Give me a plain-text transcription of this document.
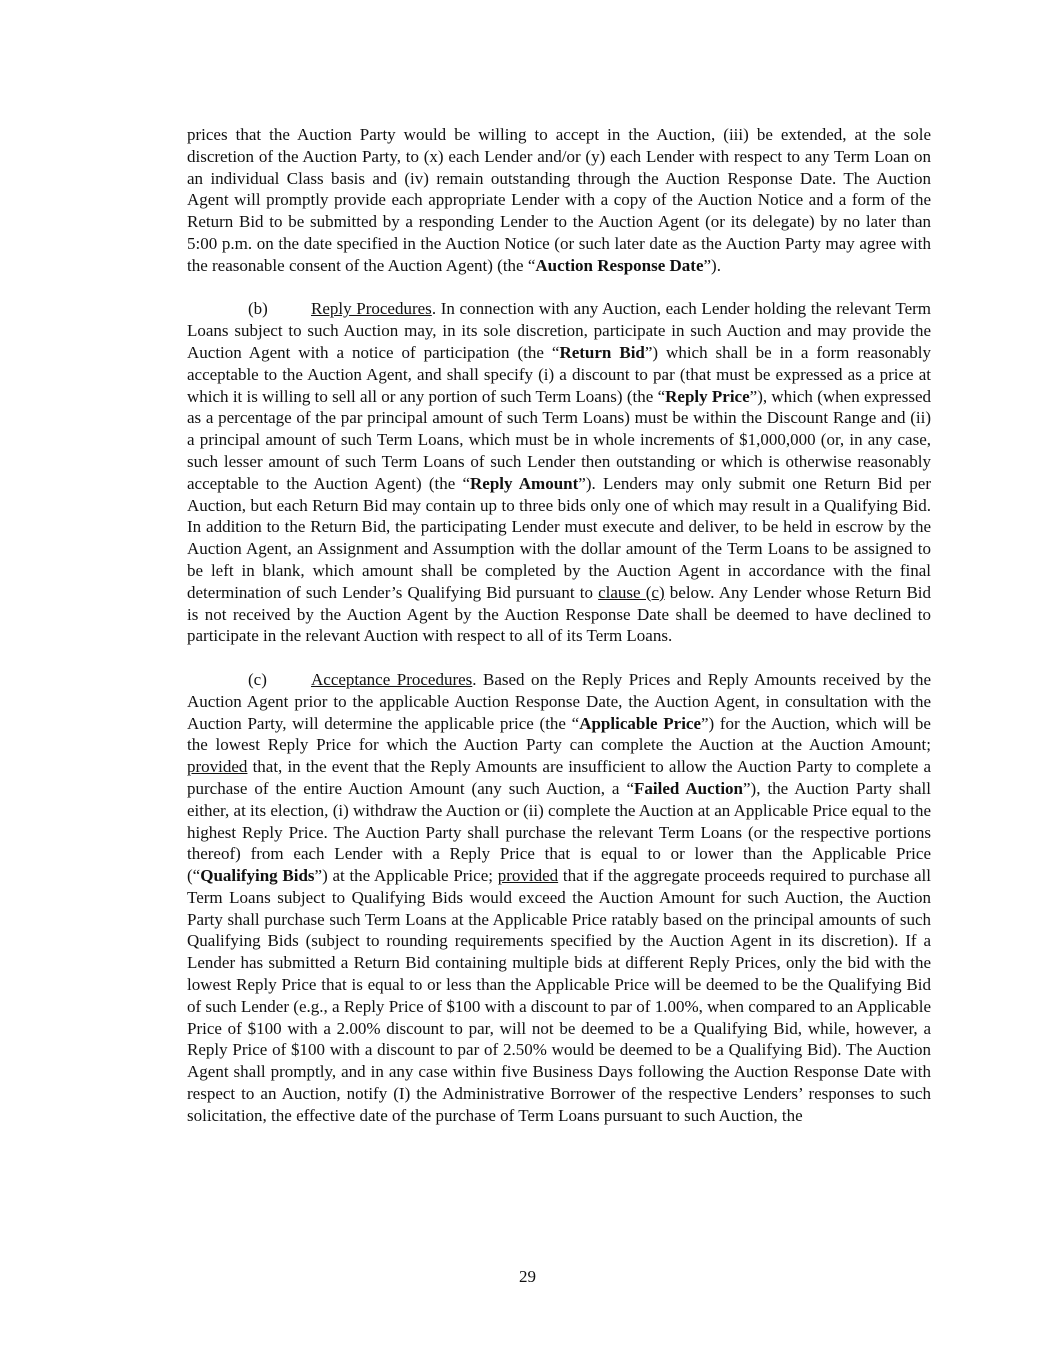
prices that the Auction Party would be willing to accept in the Auction, (iii) be extended, at the sole discretion of the Auction Party, to (x) each Lender and/or (y) each Lender with respect to any Term Loan on an individual Class basis and (iv) remain outstanding through the Auction Response Date. The Auction Agent will promptly provide each appropriate Lender with a copy of the Auction Notice and a form of the Return Bid to be submitted by a responding Lender to the Auction Agent (or its delegate) by no later than 5:00 p.m. on the date specified in the Auction Notice (or such later date as the Auction Party may agree with the reasonable consent of the Auction Agent) (the “Auction Response Date”).

(b)	Reply Procedures. In connection with any Auction, each Lender holding the relevant Term Loans subject to such Auction may, in its sole discretion, participate in such Auction and may provide the Auction Agent with a notice of participation (the “Return Bid”) which shall be in a form reasonably acceptable to the Auction Agent, and shall specify (i) a discount to par (that must be expressed as a price at which it is willing to sell all or any portion of such Term Loans) (the “Reply Price”), which (when expressed as a percentage of the par principal amount of such Term Loans) must be within the Discount Range and (ii) a principal amount of such Term Loans, which must be in whole increments of $1,000,000 (or, in any case, such lesser amount of such Term Loans of such Lender then outstanding or which is otherwise reasonably acceptable to the Auction Agent) (the “Reply Amount”). Lenders may only submit one Return Bid per Auction, but each Return Bid may contain up to three bids only one of which may result in a Qualifying Bid. In addition to the Return Bid, the participating Lender must execute and deliver, to be held in escrow by the Auction Agent, an Assignment and Assumption with the dollar amount of the Term Loans to be assigned to be left in blank, which amount shall be completed by the Auction Agent in accordance with the final determination of such Lender’s Qualifying Bid pursuant to clause (c) below. Any Lender whose Return Bid is not received by the Auction Agent by the Auction Response Date shall be deemed to have declined to participate in the relevant Auction with respect to all of its Term Loans.

(c)	Acceptance Procedures. Based on the Reply Prices and Reply Amounts received by the Auction Agent prior to the applicable Auction Response Date, the Auction Agent, in consultation with the Auction Party, will determine the applicable price (the “Applicable Price”) for the Auction, which will be the lowest Reply Price for which the Auction Party can complete the Auction at the Auction Amount; provided that, in the event that the Reply Amounts are insufficient to allow the Auction Party to complete a purchase of the entire Auction Amount (any such Auction, a “Failed Auction”), the Auction Party shall either, at its election, (i) withdraw the Auction or (ii) complete the Auction at an Applicable Price equal to the highest Reply Price. The Auction Party shall purchase the relevant Term Loans (or the respective portions thereof) from each Lender with a Reply Price that is equal to or lower than the Applicable Price (“Qualifying Bids”) at the Applicable Price; provided that if the aggregate proceeds required to purchase all Term Loans subject to Qualifying Bids would exceed the Auction Amount for such Auction, the Auction Party shall purchase such Term Loans at the Applicable Price ratably based on the principal amounts of such Qualifying Bids (subject to rounding requirements specified by the Auction Agent in its discretion). If a Lender has submitted a Return Bid containing multiple bids at different Reply Prices, only the bid with the lowest Reply Price that is equal to or less than the Applicable Price will be deemed to be the Qualifying Bid of such Lender (e.g., a Reply Price of $100 with a discount to par of 1.00%, when compared to an Applicable Price of $100 with a 2.00% discount to par, will not be deemed to be a Qualifying Bid, while, however, a Reply Price of $100 with a discount to par of 2.50% would be deemed to be a Qualifying Bid). The Auction Agent shall promptly, and in any case within five Business Days following the Auction Response Date with respect to an Auction, notify (I) the Administrative Borrower of the respective Lenders’ responses to such solicitation, the effective date of the purchase of Term Loans pursuant to such Auction, the

29
